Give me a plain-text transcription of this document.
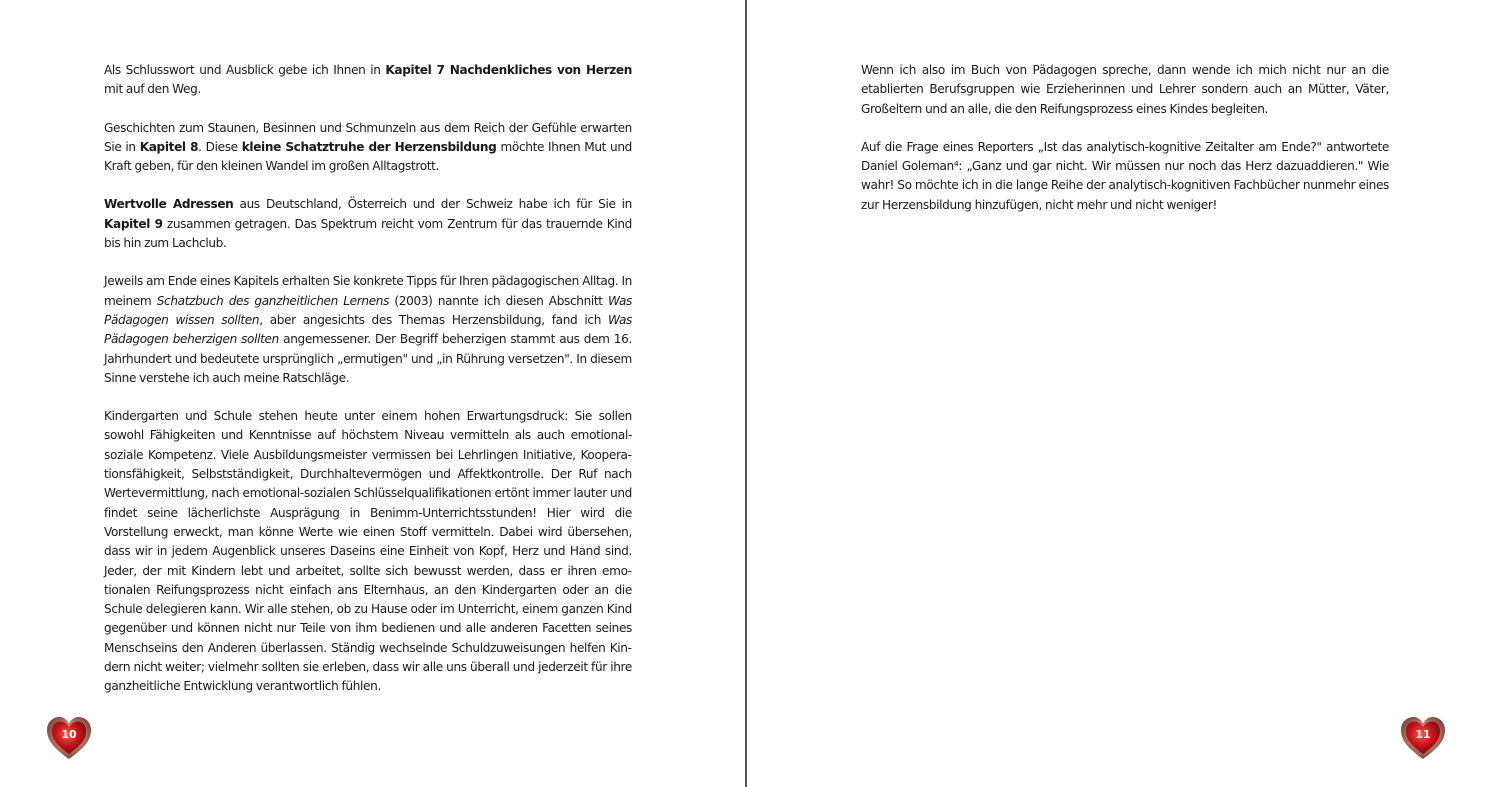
Als Schlusswort und Ausblick gebe ich Ihnen in Kapitel 7 Nachdenkliches von Herzen mit auf den Weg.

Geschichten zum Staunen, Besinnen und Schmunzeln aus dem Reich der Gefühle erwarten Sie in Kapitel 8. Diese kleine Schatztruhe der Herzensbildung möchte Ihnen Mut und Kraft geben, für den kleinen Wandel im großen Alltagstrott.

Wertvolle Adressen aus Deutschland, Österreich und der Schweiz habe ich für Sie in Kapitel 9 zusammen getragen. Das Spektrum reicht vom Zentrum für das trauernde Kind bis hin zum Lachclub.

Jeweils am Ende eines Kapitels erhalten Sie konkrete Tipps für Ihren pädagogischen Alltag. In meinem Schatzbuch des ganzheitlichen Lernens (2003) nannte ich diesen Abschnitt Was Pädagogen wissen sollten, aber angesichts des Themas Herzensbildung, fand ich Was Pädagogen beherzigen sollten angemessener. Der Begriff beherzigen stammt aus dem 16. Jahrhundert und bedeutete ursprünglich „ermutigen" und „in Rührung versetzen". In diesem Sinne verstehe ich auch meine Ratschläge.

Kindergarten und Schule stehen heute unter einem hohen Erwartungsdruck: Sie sollen sowohl Fähigkeiten und Kenntnisse auf höchstem Niveau vermitteln als auch emotional-soziale Kompetenz. Viele Ausbildungsmeister vermissen bei Lehrlingen Initiative, Kooperationsfähigkeit, Selbstständigkeit, Durchhaltevermögen und Affektkontrolle. Der Ruf nach Wertevermittlung, nach emotional-sozialen Schlüsselqualifikationen ertönt immer lauter und findet seine lächerlichste Ausprägung in Benimm-Unterrichtsstunden! Hier wird die Vorstellung erweckt, man könne Werte wie einen Stoff vermitteln. Dabei wird übersehen, dass wir in jedem Augenblick unseres Daseins eine Einheit von Kopf, Herz und Hand sind. Jeder, der mit Kindern lebt und arbeitet, sollte sich bewusst werden, dass er ihren emotionalen Reifungsprozess nicht einfach ans Elternhaus, an den Kindergarten oder an die Schule delegieren kann. Wir alle stehen, ob zu Hause oder im Unterricht, einem ganzen Kind gegenüber und können nicht nur Teile von ihm bedienen und alle anderen Facetten seines Menschseins den Anderen überlassen. Ständig wechselnde Schuldzuweisungen helfen Kindern nicht weiter; vielmehr sollten sie erleben, dass wir alle uns überall und jederzeit für ihre ganzheitliche Entwicklung verantwortlich fühlen.

10

Wenn ich also im Buch von Pädagogen spreche, dann wende ich mich nicht nur an die etablierten Berufsgruppen wie Erzieherinnen und Lehrer sondern auch an Mütter, Väter, Großeltern und an alle, die den Reifungsprozess eines Kindes begleiten.

Auf die Frage eines Reporters „Ist das analytisch-kognitive Zeitalter am Ende?" antwortete Daniel Goleman⁴: „Ganz und gar nicht. Wir müssen nur noch das Herz dazuaddieren." Wie wahr! So möchte ich in die lange Reihe der analytisch-kognitiven Fachbücher nunmehr eines zur Herzensbildung hinzufügen, nicht mehr und nicht weniger!

11
